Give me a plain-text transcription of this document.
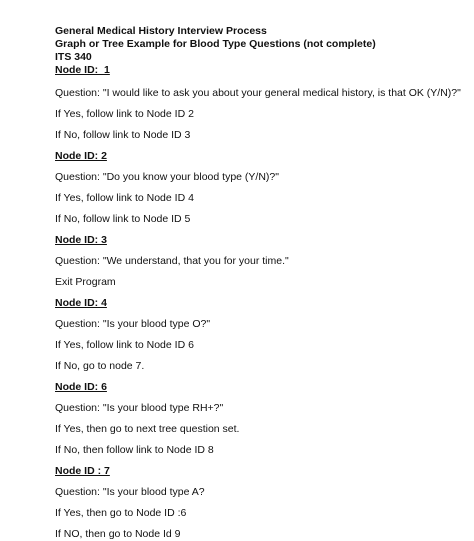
General Medical History Interview Process
Graph or Tree Example for Blood Type Questions (not complete)
ITS 340
Node ID:  1
Question: "I would like to ask you about your general medical history, is that OK (Y/N)?"
If Yes, follow link to Node ID 2
If No, follow link to Node ID 3
Node ID: 2
Question: "Do you know your blood type (Y/N)?"
If Yes, follow link to Node ID 4
If No, follow link to Node ID 5
Node ID: 3
Question: "We understand, that you for your time."
Exit Program
Node ID: 4
Question: "Is your blood type O?"
If Yes, follow link to Node ID 6
If No, go to node 7.
Node ID: 6
Question: "Is your blood type RH+?"
If Yes, then go to next tree question set.
If No, then follow link to Node ID 8
Node ID : 7
Question: "Is your blood type A?
If Yes, then go to Node ID :6
If NO, then go to Node Id 9
